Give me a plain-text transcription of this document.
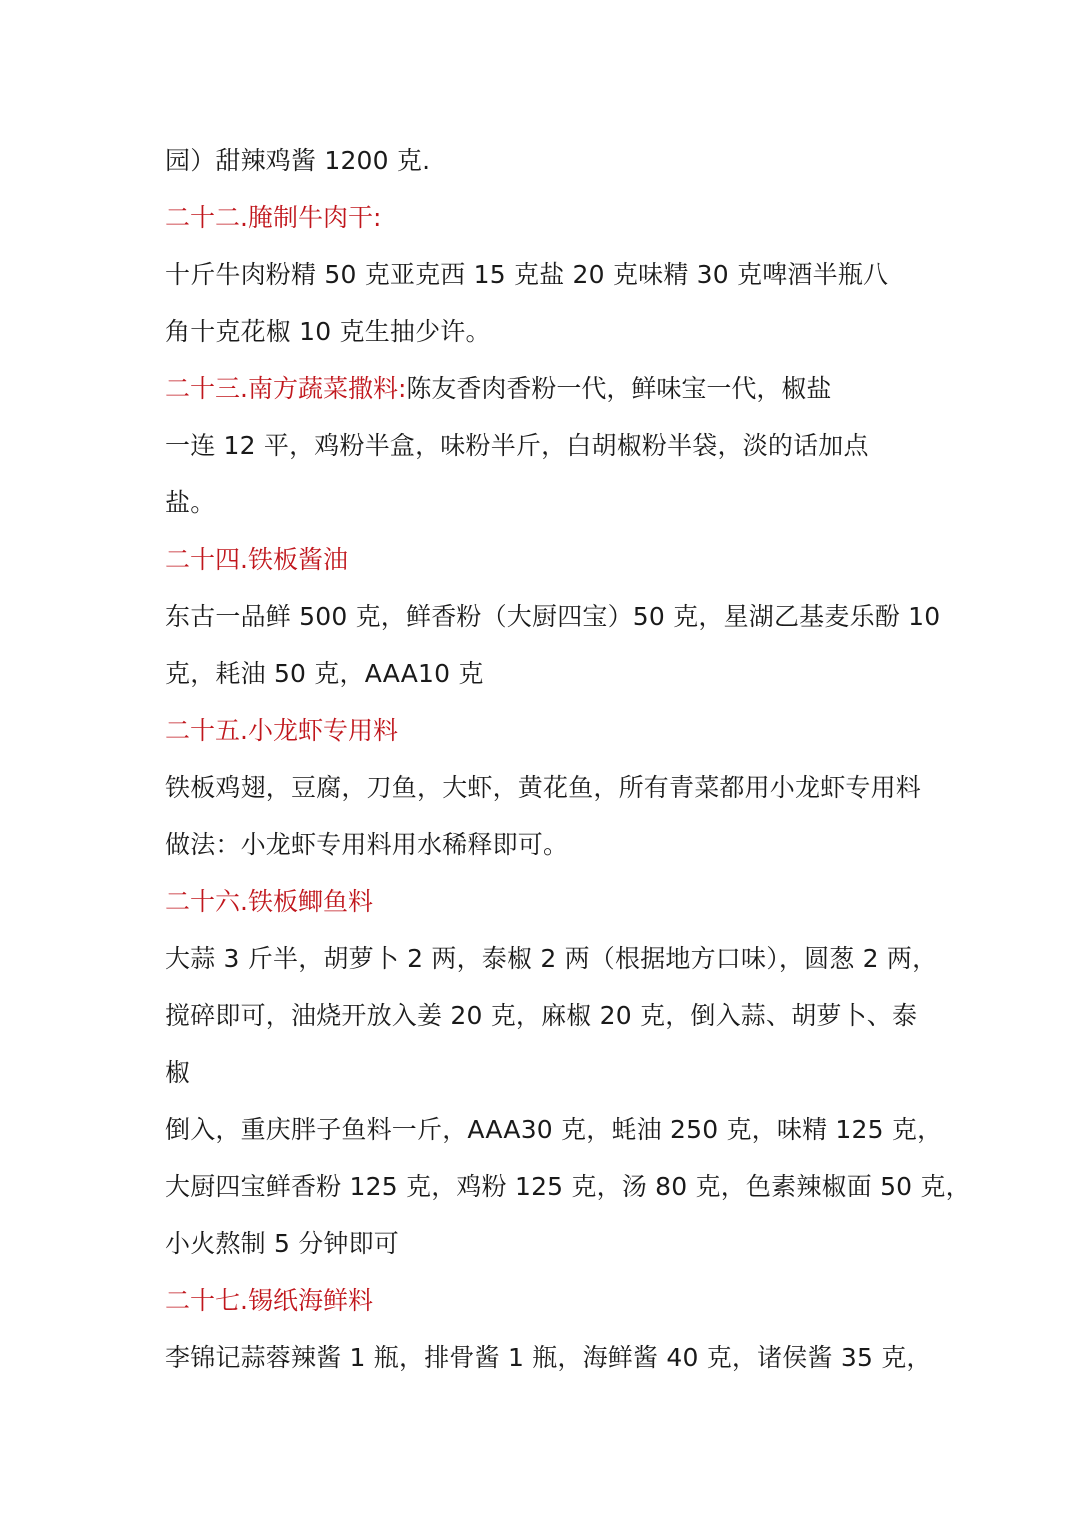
园）甜辣鸡酱 1200 克.
二十二.腌制牛肉干:
十斤牛肉粉精 50 克亚克西 15 克盐 20 克味精 30 克啤酒半瓶八
角十克花椒 10 克生抽少许。
二十三.南方蔬菜撒料:陈友香肉香粉一代，鲜味宝一代，椒盐
一连 12 平，鸡粉半盒，味粉半斤，白胡椒粉半袋，淡的话加点
盐。
二十四.铁板酱油
东古一品鲜 500 克，鲜香粉（大厨四宝）50 克，星湖乙基麦乐酚 10
克，耗油 50 克，AAA10 克
二十五.小龙虾专用料
铁板鸡翅，豆腐，刀鱼，大虾，黄花鱼，所有青菜都用小龙虾专用料
做法：小龙虾专用料用水稀释即可。
二十六.铁板鲫鱼料
大蒜 3 斤半，胡萝卜 2 两，泰椒 2 两（根据地方口味），圆葱 2 两，
搅碎即可，油烧开放入姜 20 克，麻椒 20 克，倒入蒜、胡萝卜、泰
椒
倒入，重庆胖子鱼料一斤，AAA30 克，蚝油 250 克，味精 125 克，
大厨四宝鲜香粉 125 克，鸡粉 125 克，汤 80 克，色素辣椒面 50 克，
小火熬制 5 分钟即可
二十七.锡纸海鲜料
李锦记蒜蓉辣酱 1 瓶，排骨酱 1 瓶，海鲜酱 40 克，诸侯酱 35 克，
